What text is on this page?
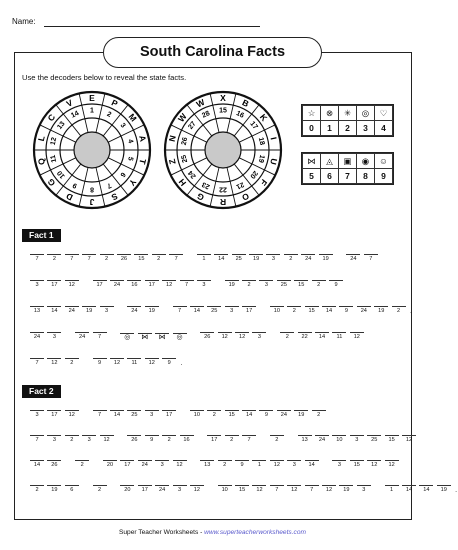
Name:
South Carolina Facts
Use the decoders below to reveal the state facts.
E
1
P
2 M
3
A
4
T
5
Y
6
S
7
J
8
D
9
G
10
Q 11
L 12
C
13
V
14
X
15
B
16 K
17
I
18
U
19
F
20
O
21
R
22
G
23
H
24
Z 25
N 26
W
27
W
28	☆	⊗	✳	◎	♡
0	1	2	3	4
⋈	◬	▣	◉	☺
5	6	7	8	9
Fact 1
7	2	7	7	2 26 15 2	7	1 14 25 19 3	2 24 19	24 7
3 17 12	17 24 16 17 12 7	3	19 2	3 25 15 2	9
13 14 24 19 3	24 19	7 14 25 3 17	10 2 15 14 9 24 19 2 .
24 3	24 7	◎ ⋈ ⋈ ◎	26 12 12 3	2 22 14 11 12
7 12 2	9 12 11 12 9 .
Fact 2
3 17 12	7 14 25 3 17	10 2 15 14 9 24 19 2
7	3	2	3 12	26 9	2 16	17 2	7	2	13 24 10 3 25 15 12
14 26	2	20 17 24 3 12	13 2	9	1 12 3 14	3 15 12 12
2 19 6	2	20 17 24 3 12	10 15 12 7 12 7 12 19 3	1 14 14 19 .
Super Teacher Worksheets - www.superteacherworksheets.com
